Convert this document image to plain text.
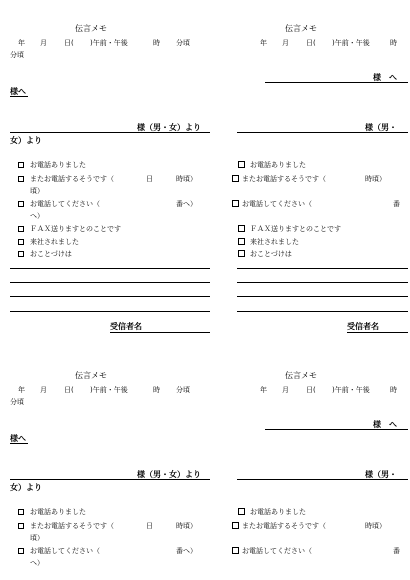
伝言メモ
年 月 日( )午前・午後	時 分頃
分頃
様へ
様（男・女）より
女）より
お電話ありました
またお電話するそうです（	日	時頃）
頃）
お電話してください（	番へ）
へ）
ＦＡＸ送りますとのことです
来社されました
おことづけは
受信者名
伝言メモ
年 月 日( )午前・午後	時
様　へ
様（男・
お電話ありました
またお電話するそうです（	時頃）
お電話してください（	番
ＦＡＸ送りますとのことです
来社されました
おことづけは
受信者名
伝言メモ
年 月 日( )午前・午後	時 分頃
分頃
様へ
様（男・女）より
女）より
お電話ありました
またお電話するそうです（	日	時頃）
頃）
お電話してください（	番へ）
へ）
伝言メモ
年 月 日( )午前・午後	時
様　へ
様（男・
お電話ありました
またお電話するそうです（	時頃）
お電話してください（	番
